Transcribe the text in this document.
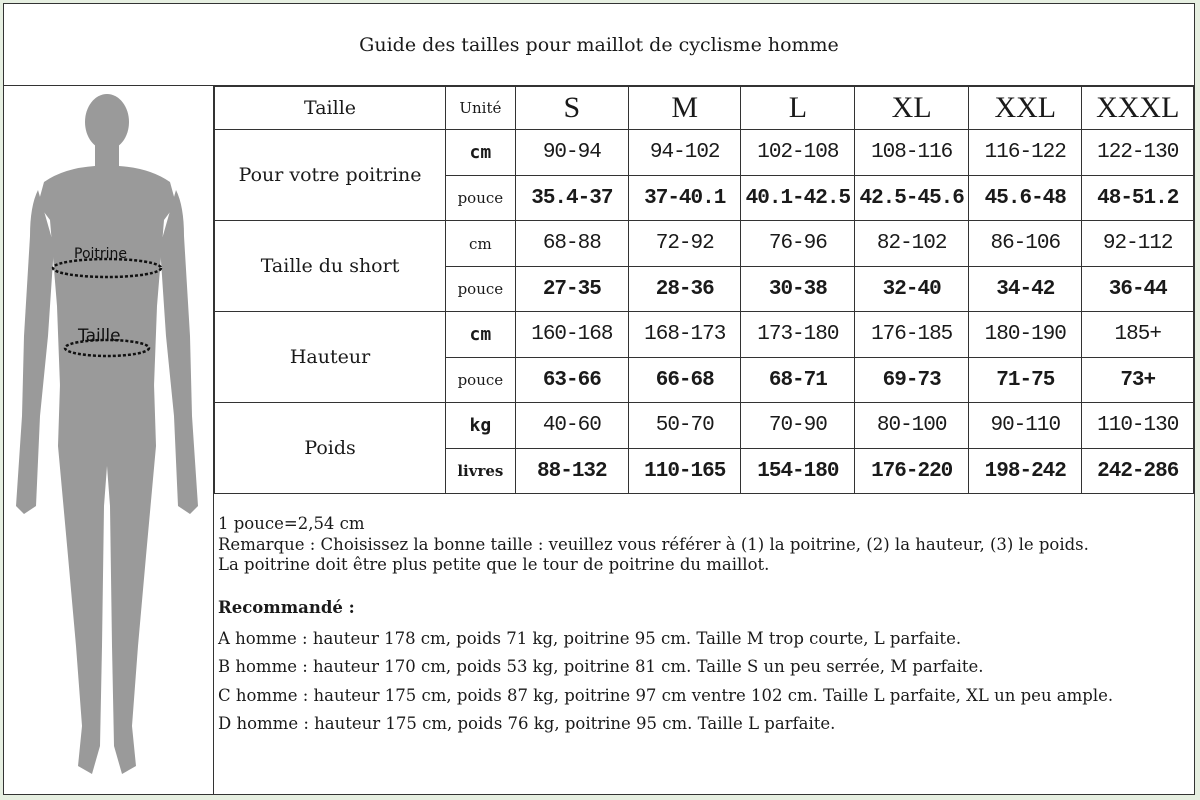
Guide des tailles pour maillot de cyclisme homme
Poitrine
Taille
Taille	Unité	S	M	L	XL	XXL	XXXL
Pour votre poitrine	cm	90-94	94-102	102-108	108-116	116-122	122-130
	pouce	35.4-37	37-40.1	40.1-42.5	42.5-45.6	45.6-48	48-51.2
Taille du short	cm	68-88	72-92	76-96	82-102	86-106	92-112
	pouce	27-35	28-36	30-38	32-40	34-42	36-44
Hauteur	cm	160-168	168-173	173-180	176-185	180-190	185+
	pouce	63-66	66-68	68-71	69-73	71-75	73+
Poids	kg	40-60	50-70	70-90	80-100	90-110	110-130
	livres	88-132	110-165	154-180	176-220	198-242	242-286
1 pouce=2,54 cm
Remarque : Choisissez la bonne taille : veuillez vous référer à (1) la poitrine, (2) la hauteur, (3) le poids.
La poitrine doit être plus petite que le tour de poitrine du maillot.
Recommandé :
A homme : hauteur 178 cm, poids 71 kg, poitrine 95 cm. Taille M trop courte, L parfaite.
B homme : hauteur 170 cm, poids 53 kg, poitrine 81 cm. Taille S un peu serrée, M parfaite.
C homme : hauteur 175 cm, poids 87 kg, poitrine 97 cm ventre 102 cm. Taille L parfaite, XL un peu ample.
D homme : hauteur 175 cm, poids 76 kg, poitrine 95 cm. Taille L parfaite.
